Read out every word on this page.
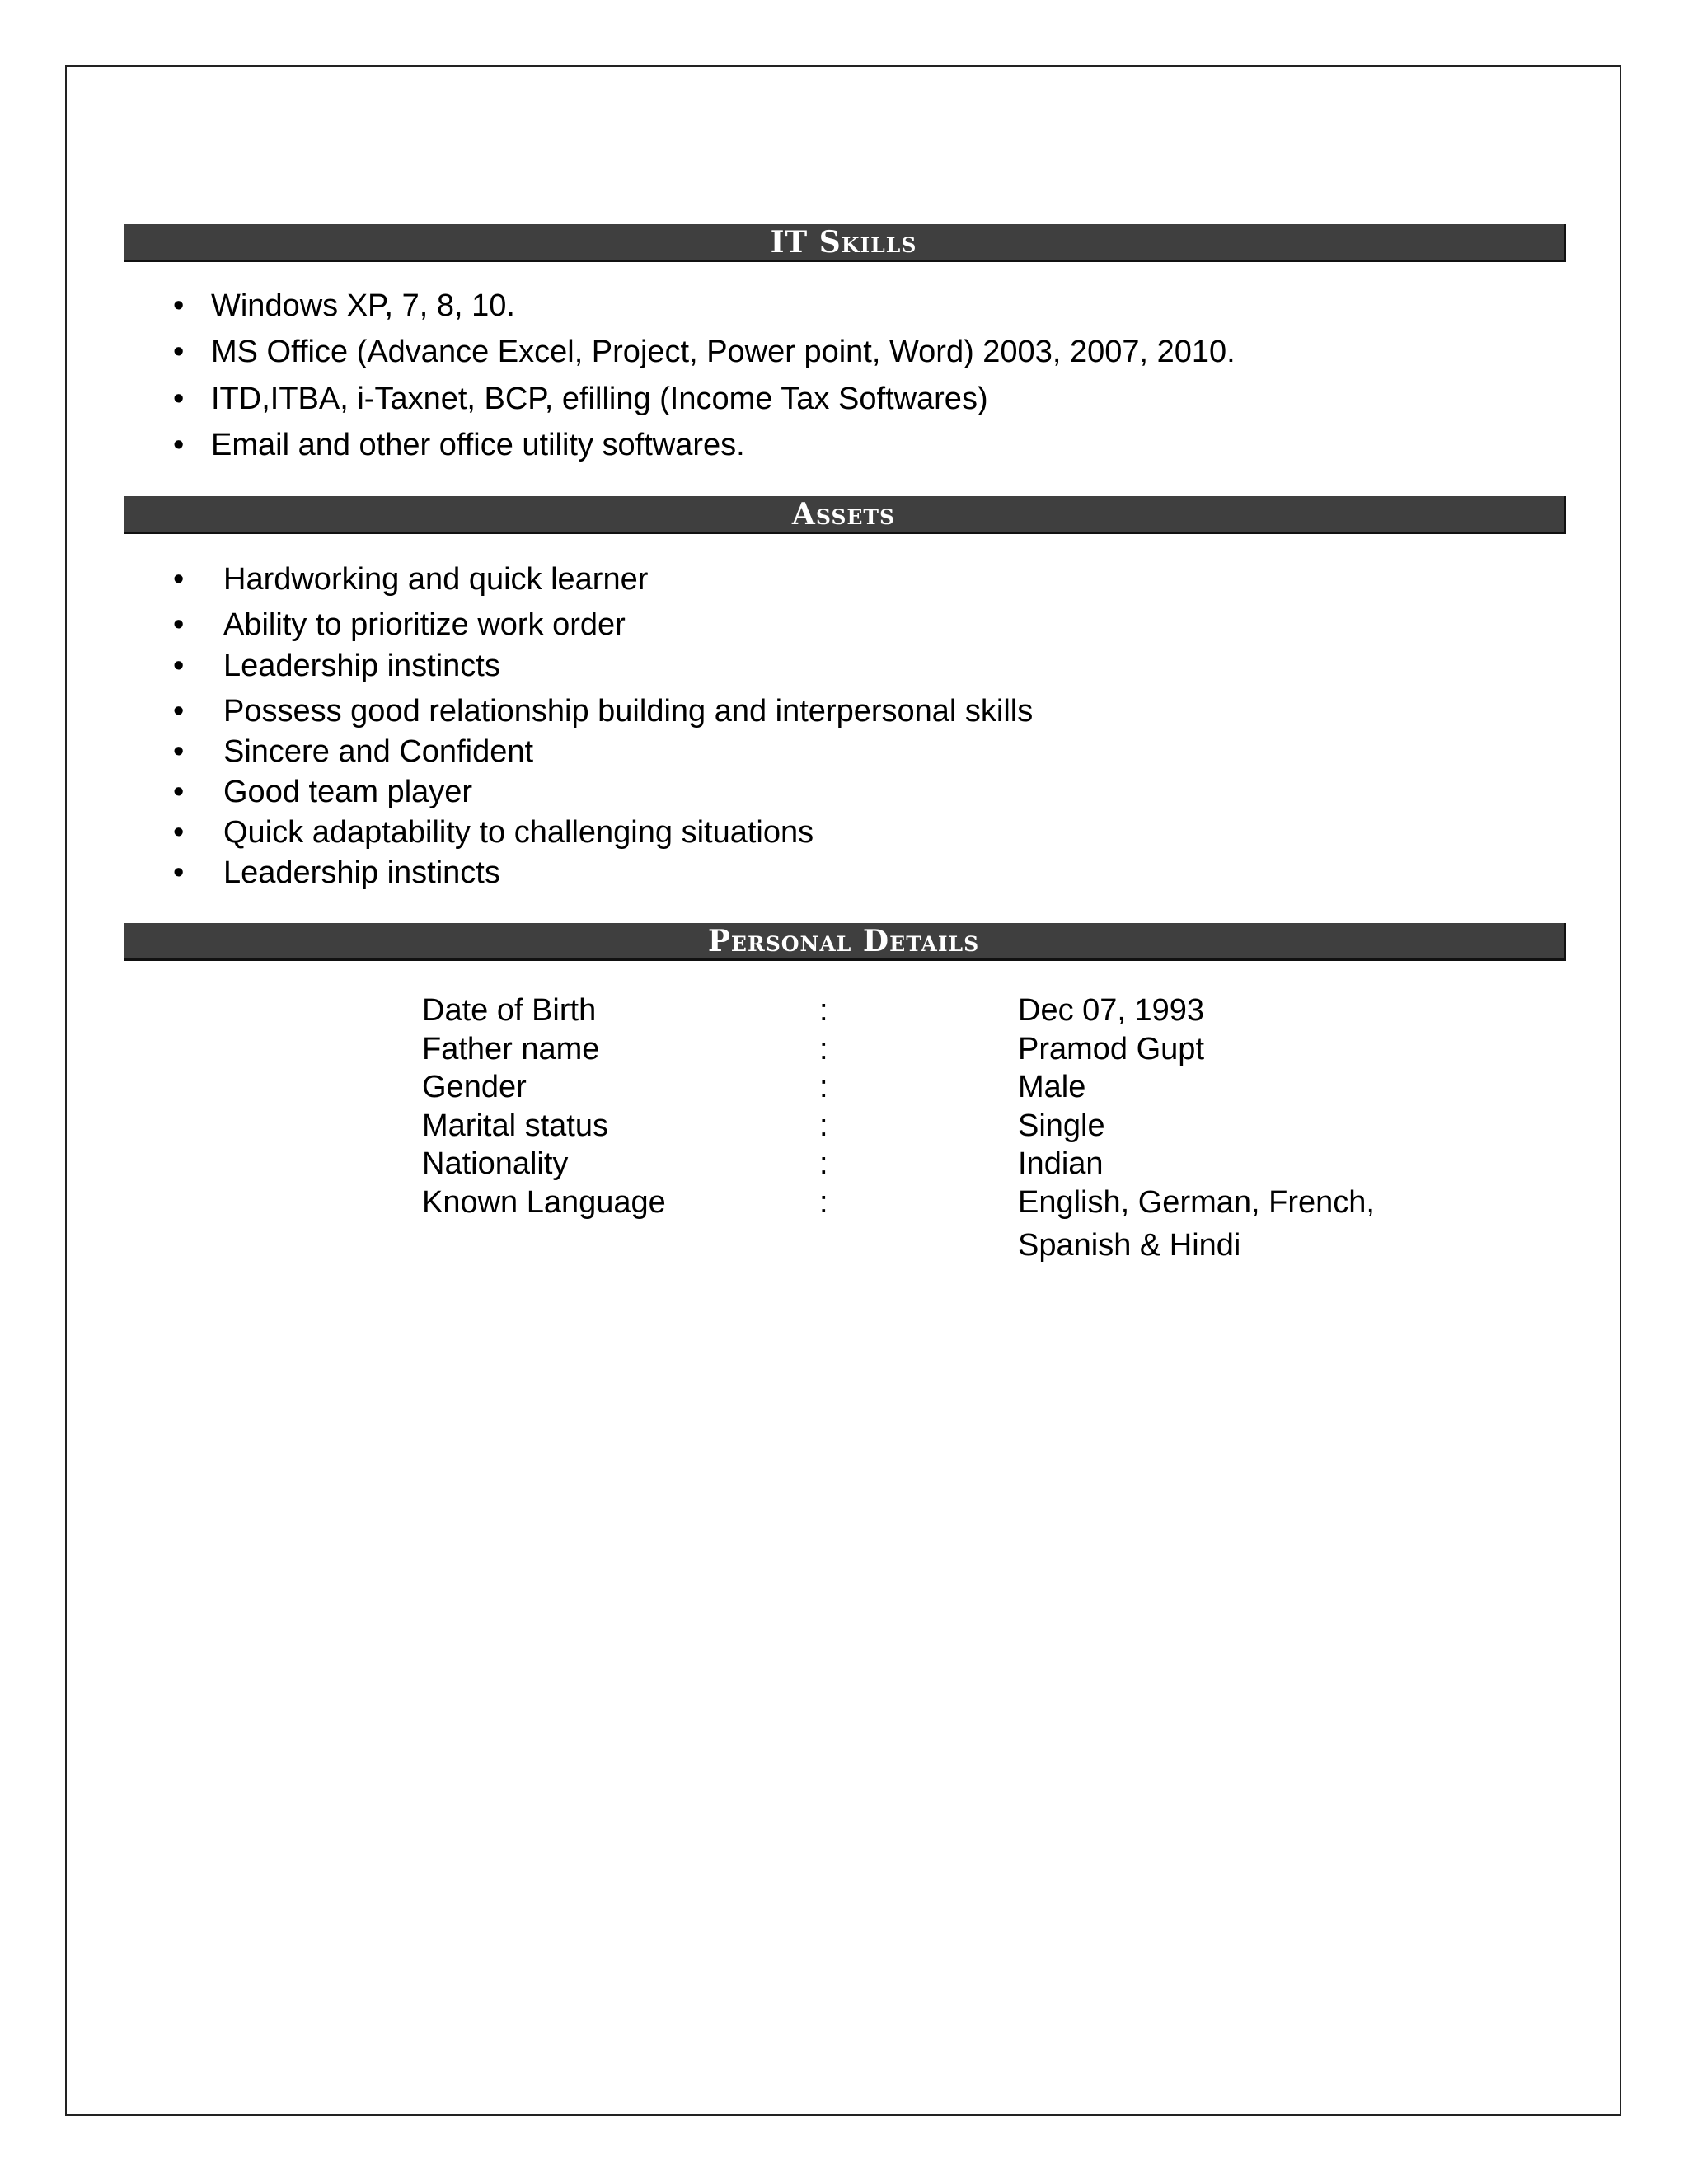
IT Skills
• Windows XP, 7, 8, 10.
• MS Office (Advance Excel, Project, Power point, Word) 2003, 2007, 2010.
• ITD,ITBA, i-Taxnet, BCP, efilling (Income Tax Softwares)
• Email and other office utility softwares.
Assets
• Hardworking and quick learner
• Ability to prioritize work order
• Leadership instincts
• Possess good relationship building and interpersonal skills
• Sincere and Confident
• Good team player
• Quick adaptability to challenging situations
• Leadership instincts
Personal Details
Date of Birth	:	Dec 07, 1993
Father name	:	Pramod Gupt
Gender	:	Male
Marital status	:	Single
Nationality	:	Indian
Known Language	:	English, German, French, Spanish & Hindi
